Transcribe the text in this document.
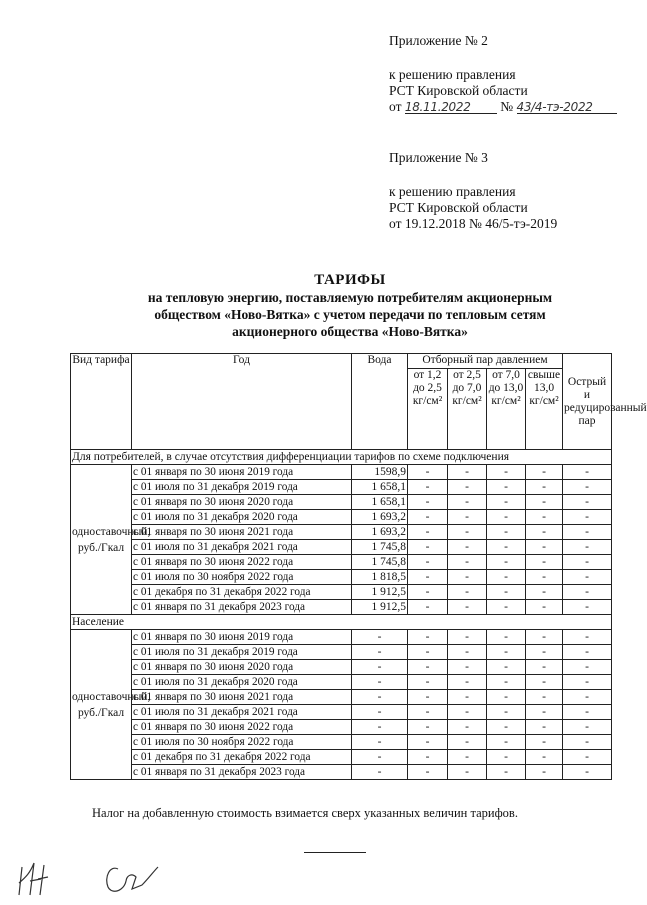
Приложение № 2
к решению правления
РСТ Кировской области
от 18.11.2022 № 43/4-тэ-2022
Приложение № 3
к решению правления
РСТ Кировской области
от 19.12.2018 № 46/5-тэ-2019
ТАРИФЫ
на тепловую энергию, поставляемую потребителям акционерным
обществом «Ново-Вятка» с учетом передачи по тепловым сетям
акционерного общества «Ново-Вятка»
Вид тарифа	Год	Вода	Отборный пар давлением				Острый и редуцированный пар
			от 1,2 до 2,5 кг/см²	от 2,5 до 7,0 кг/см²	от 7,0 до 13,0 кг/см²	свыше 13,0 кг/см²	
Для потребителей, в случае отсутствия дифференциации тарифов по схеме подключения							
одноставочный, руб./Гкал	с 01 января по 30 июня 2019 года	1598,9	-	-	-	-	-
	с 01 июля по 31 декабря 2019 года	1 658,1	-	-	-	-	-
	с 01 января по 30 июня 2020 года	1 658,1	-	-	-	-	-
	с 01 июля по 31 декабря 2020 года	1 693,2	-	-	-	-	-
	с 01 января по 30 июня 2021 года	1 693,2	-	-	-	-	-
	с 01 июля по 31 декабря 2021 года	1 745,8	-	-	-	-	-
	с 01 января по 30 июня 2022 года	1 745,8	-	-	-	-	-
	с 01 июля по 30 ноября 2022 года	1 818,5	-	-	-	-	-
	с 01 декабря по 31 декабря 2022 года	1 912,5	-	-	-	-	-
	с 01 января по 31 декабря 2023 года	1 912,5	-	-	-	-	-
Население							
одноставочный, руб./Гкал	с 01 января по 30 июня 2019 года	-	-	-	-	-	-
	с 01 июля по 31 декабря 2019 года	-	-	-	-	-	-
	с 01 января по 30 июня 2020 года	-	-	-	-	-	-
	с 01 июля по 31 декабря 2020 года	-	-	-	-	-	-
	с 01 января по 30 июня 2021 года	-	-	-	-	-	-
	с 01 июля по 31 декабря 2021 года	-	-	-	-	-	-
	с 01 января по 30 июня 2022 года	-	-	-	-	-	-
	с 01 июля по 30 ноября 2022 года	-	-	-	-	-	-
	с 01 декабря по 31 декабря 2022 года	-	-	-	-	-	-
	с 01 января по 31 декабря 2023 года	-	-	-	-	-	-
Налог на добавленную стоимость взимается сверх указанных величин тарифов.
